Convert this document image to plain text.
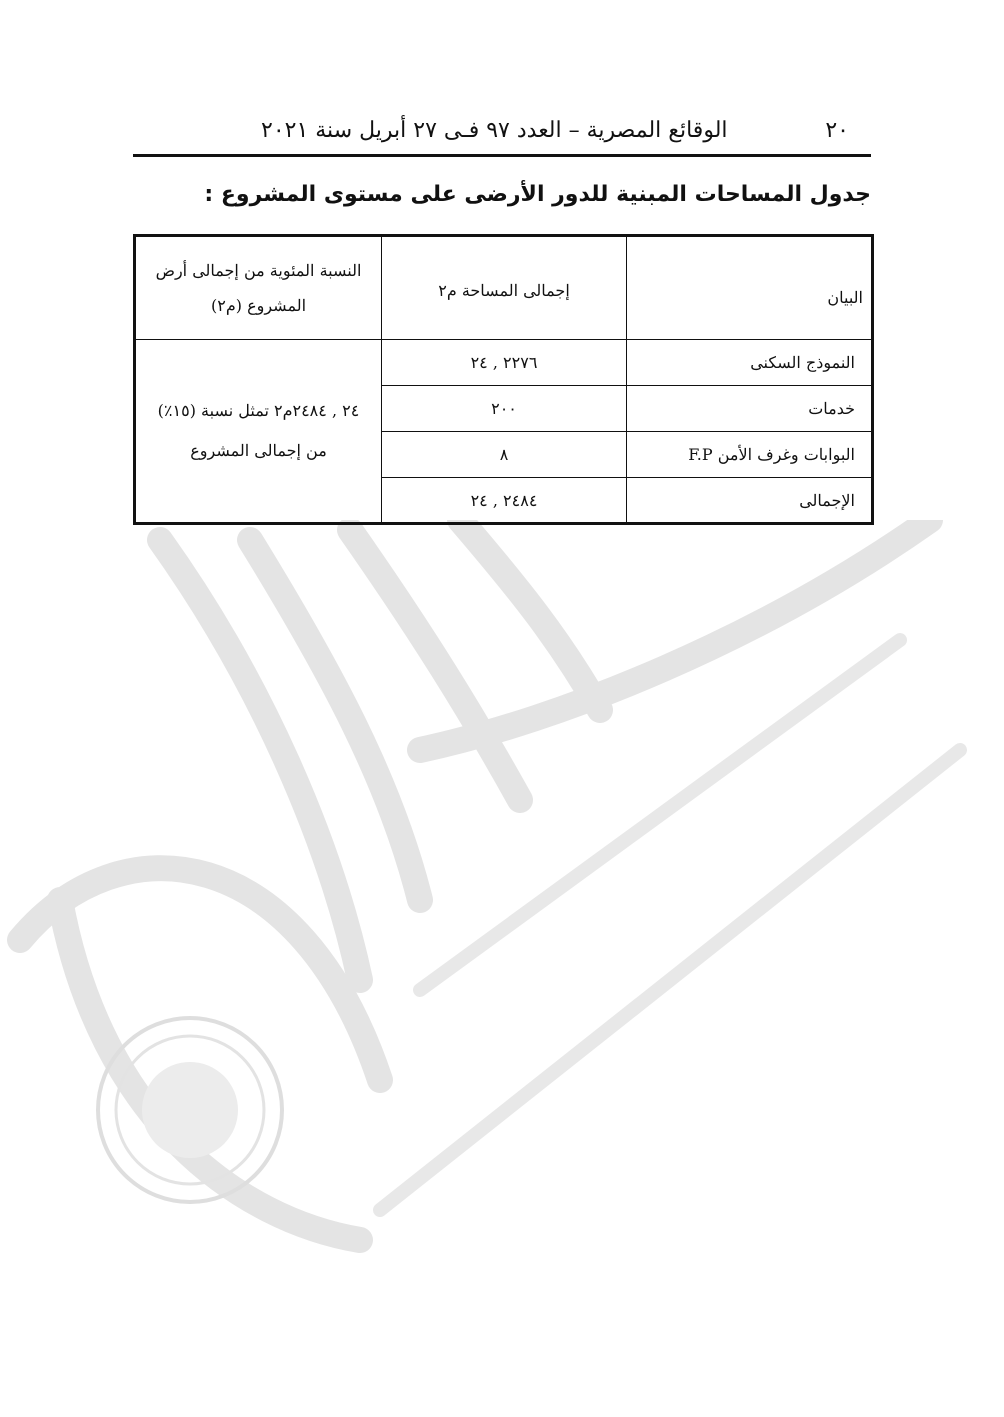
٢٠
الوقائع المصرية – العدد ٩٧ فـى ٢٧ أبريل سنة ٢٠٢١
جدول المساحات المبنية للدور الأرضى على مستوى المشروع :
البيان	إجمالى المساحة م٢	النسبة المئوية من إجمالى أرض المشروع (م٢)
النموذج السكنى	٢٢٧٦ , ٢٤	٢٤ , ٢٤٨٤م٢ تمثل نسبة (١٥٪) من إجمالى المشروع
خدمات	٢٠٠	
البوابات وغرف الأمن F.P	٨	
الإجمالى	٢٤٨٤ , ٢٤	
